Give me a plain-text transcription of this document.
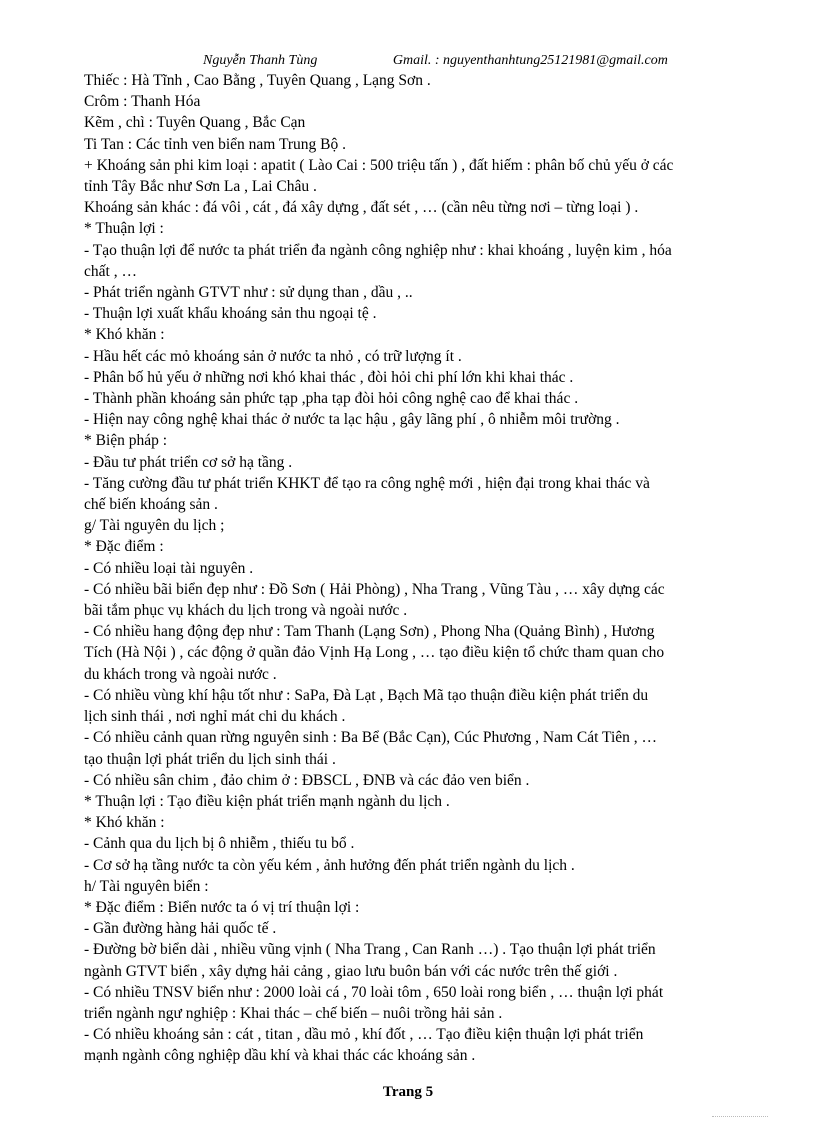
Nguyễn Thanh Tùng	Gmail. : nguyenthanhtung25121981@gmail.com
Thiếc : Hà Tĩnh , Cao Bằng , Tuyên Quang , Lạng Sơn .
Crôm : Thanh Hóa
Kẽm , chì : Tuyên Quang , Bắc Cạn
Ti Tan : Các tỉnh ven biển nam Trung Bộ .
+ Khoáng sản phi kim loại : apatit ( Lào Cai : 500 triệu tấn ) , đất hiếm : phân bố chủ yếu ở các
tỉnh Tây Bắc như Sơn La , Lai Châu .
Khoáng sản khác : đá vôi , cát , đá xây dựng , đất sét , … (cần nêu từng nơi – từng loại ) .
* Thuận lợi :
- Tạo thuận lợi để nước ta phát triển đa ngành công nghiệp như : khai khoáng , luyện kim , hóa
chất , …
- Phát triển ngành GTVT như : sử dụng than , dầu , ..
- Thuận lợi xuất khẩu khoáng sản thu ngoại tệ .
* Khó khăn :
- Hầu hết các mỏ khoáng sản ở nước ta nhỏ , có trữ lượng ít .
- Phân bố hủ yếu ở những nơi khó khai thác , đòi hỏi chi phí lớn khi khai thác .
- Thành phần khoáng sản phức tạp ,pha tạp đòi hỏi công nghệ cao để khai thác .
- Hiện nay công nghệ khai thác ở nước ta lạc hậu , gây lãng phí , ô nhiễm môi trường .
* Biện pháp :
- Đầu tư phát triển cơ sở hạ tầng .
- Tăng cường đầu tư phát triển KHKT để tạo ra công nghệ mới , hiện đại trong khai thác và
chế biến khoáng sản .
g/ Tài nguyên du lịch ;
* Đặc điểm :
- Có nhiều loại tài nguyên .
- Có nhiều bãi biển đẹp như : Đồ Sơn ( Hải Phòng) , Nha Trang , Vũng Tàu , … xây dựng các
bãi tắm phục vụ khách du lịch trong và ngoài nước .
- Có nhiều hang động đẹp như : Tam Thanh (Lạng Sơn) , Phong Nha (Quảng Bình) , Hương
Tích (Hà Nội ) , các động ở quần đảo Vịnh Hạ Long , … tạo điều kiện tổ chức tham quan cho
du khách trong và ngoài nước .
- Có nhiều vùng khí hậu tốt như : SaPa, Đà Lạt , Bạch Mã tạo thuận điều kiện phát triển du
lịch sinh thái , nơi nghỉ mát chi du khách .
- Có nhiều cảnh quan rừng nguyên sinh : Ba Bể (Bắc Cạn), Cúc Phương , Nam Cát Tiên , …
tạo thuận lợi phát triển du lịch sinh thái .
- Có nhiều sân chim , đảo chim ở : ĐBSCL , ĐNB và các đảo ven biển .
* Thuận lợi : Tạo điều kiện phát triển mạnh ngành du lịch .
* Khó khăn :
- Cảnh qua du lịch bị ô nhiễm , thiếu tu bổ .
- Cơ sở hạ tầng nước ta còn yếu kém , ảnh hưởng đến phát triển ngành du lịch .
h/ Tài nguyên biển :
* Đặc điểm : Biển nước ta ó vị trí thuận lợi :
- Gần đường hàng hải quốc tế .
- Đường bờ biển dài , nhiều vũng vịnh ( Nha Trang , Can Ranh …) . Tạo thuận lợi phát triển
ngành GTVT biển , xây dựng hải cảng , giao lưu buôn bán với các nước trên thế giới .
- Có nhiều TNSV biển như : 2000 loài cá , 70 loài tôm , 650 loài rong biển , … thuận lợi phát
triển ngành ngư nghiệp : Khai thác – chế biến – nuôi trồng hải sản .
- Có nhiều khoáng sản : cát , titan , dầu mỏ , khí đốt , … Tạo điều kiện thuận lợi phát triển
mạnh ngành công nghiệp dầu khí và khai thác các khoáng sản .
Trang 5
